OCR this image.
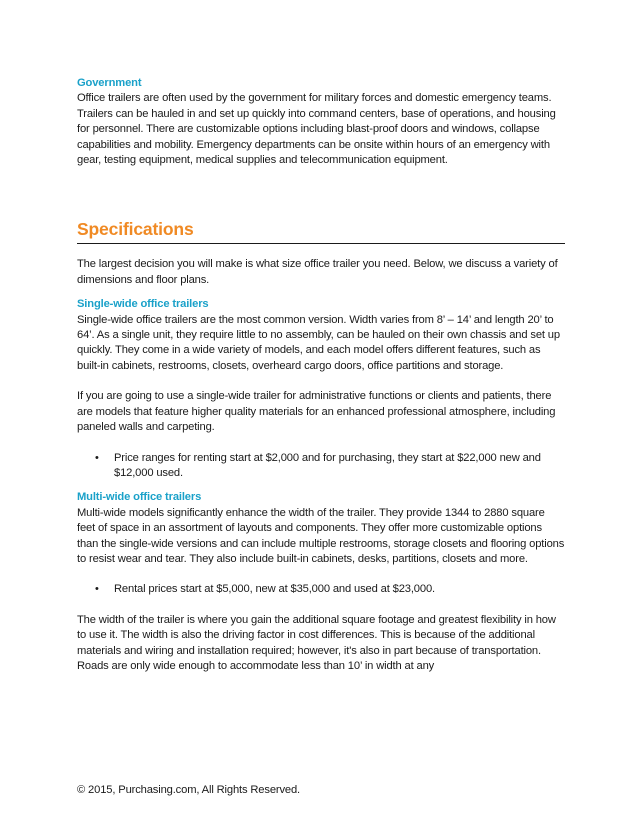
Government

Office trailers are often used by the government for military forces and domestic emergency teams. Trailers can be hauled in and set up quickly into command centers, base of operations, and housing for personnel. There are customizable options including blast-proof doors and windows, collapse capabilities and mobility. Emergency departments can be onsite within hours of an emergency with gear, testing equipment, medical supplies and telecommunication equipment.

Specifications

The largest decision you will make is what size office trailer you need. Below, we discuss a variety of dimensions and floor plans.

Single-wide office trailers

Single-wide office trailers are the most common version. Width varies from 8’ – 14’ and length 20’ to 64’. As a single unit, they require little to no assembly, can be hauled on their own chassis and set up quickly. They come in a wide variety of models, and each model offers different features, such as built-in cabinets, restrooms, closets, overheard cargo doors, office partitions and storage.

If you are going to use a single-wide trailer for administrative functions or clients and patients, there are models that feature higher quality materials for an enhanced professional atmosphere, including paneled walls and carpeting.

• Price ranges for renting start at $2,000 and for purchasing, they start at $22,000 new and $12,000 used.

Multi-wide office trailers

Multi-wide models significantly enhance the width of the trailer. They provide 1344 to 2880 square feet of space in an assortment of layouts and components. They offer more customizable options than the single-wide versions and can include multiple restrooms, storage closets and flooring options to resist wear and tear. They also include built-in cabinets, desks, partitions, closets and more.

• Rental prices start at $5,000, new at $35,000 and used at $23,000.

The width of the trailer is where you gain the additional square footage and greatest flexibility in how to use it. The width is also the driving factor in cost differences. This is because of the additional materials and wiring and installation required; however, it's also in part because of transportation. Roads are only wide enough to accommodate less than 10’ in width at any

© 2015, Purchasing.com, All Rights Reserved.
